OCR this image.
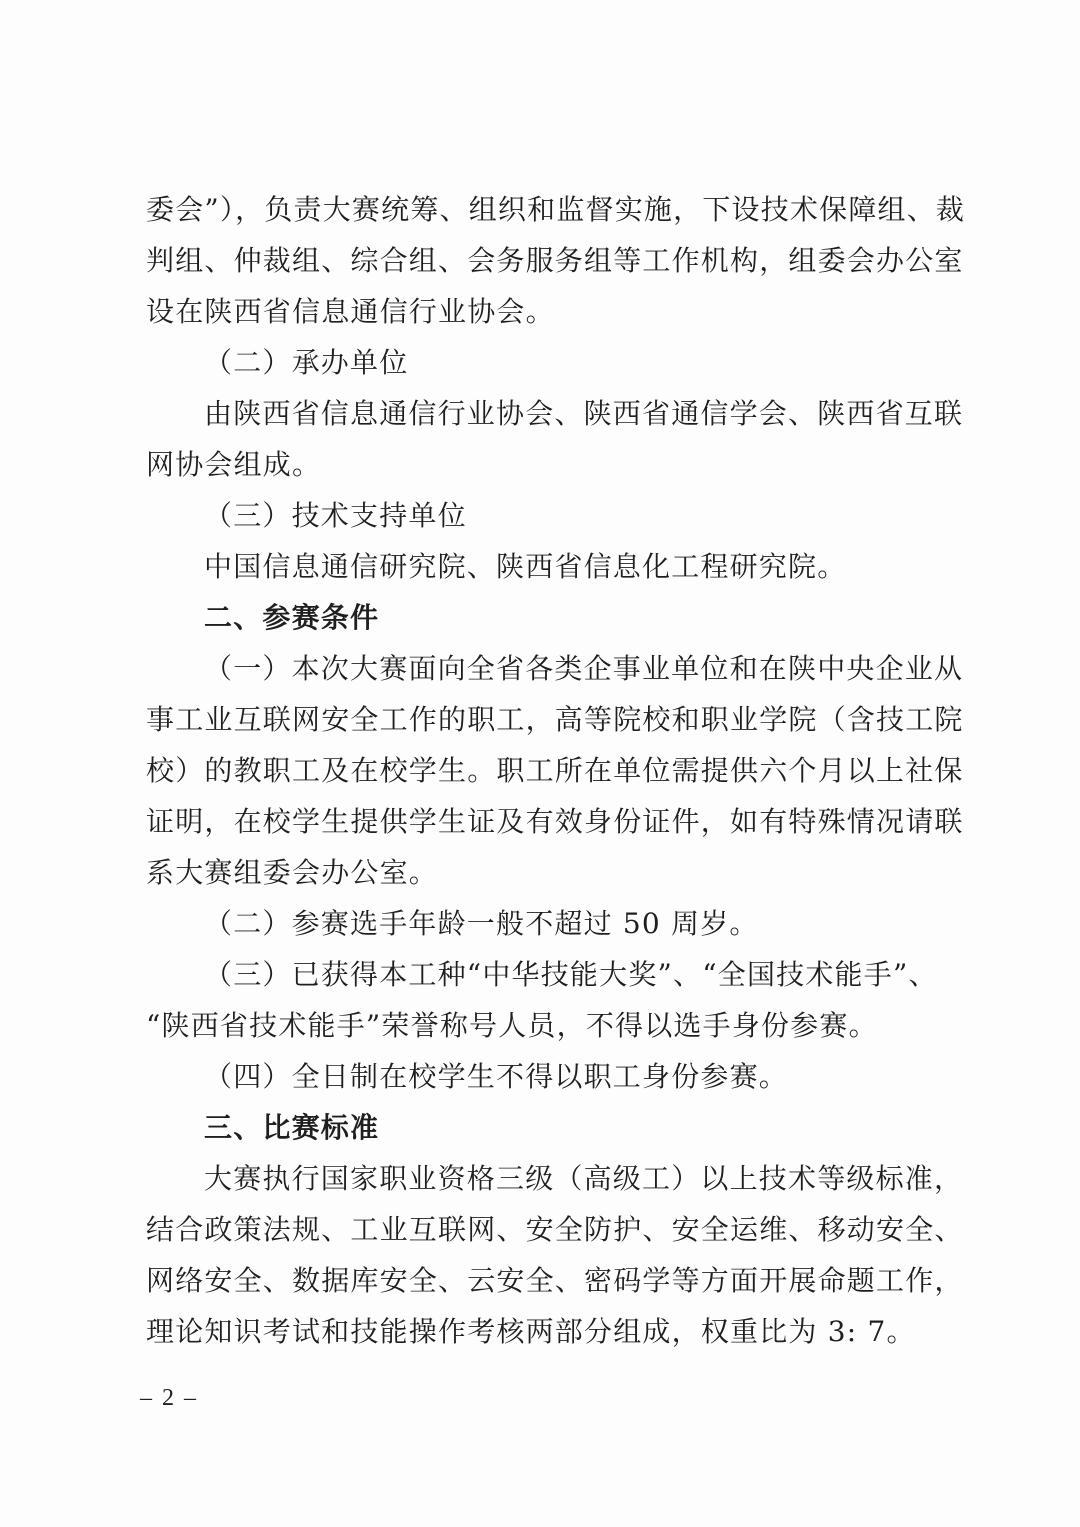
委会”），负责大赛统筹、组织和监督实施，下设技术保障组、裁
判组、仲裁组、综合组、会务服务组等工作机构，组委会办公室
设在陕西省信息通信行业协会。
（二）承办单位
由陕西省信息通信行业协会、陕西省通信学会、陕西省互联
网协会组成。
（三）技术支持单位
中国信息通信研究院、陕西省信息化工程研究院。
二、参赛条件
（一）本次大赛面向全省各类企事业单位和在陕中央企业从
事工业互联网安全工作的职工，高等院校和职业学院（含技工院
校）的教职工及在校学生。职工所在单位需提供六个月以上社保
证明，在校学生提供学生证及有效身份证件，如有特殊情况请联
系大赛组委会办公室。
（二）参赛选手年龄一般不超过 50 周岁。
（三）已获得本工种“中华技能大奖”、“全国技术能手”、
“陕西省技术能手”荣誉称号人员，不得以选手身份参赛。
（四）全日制在校学生不得以职工身份参赛。
三、比赛标准
大赛执行国家职业资格三级（高级工）以上技术等级标准，
结合政策法规、工业互联网、安全防护、安全运维、移动安全、
网络安全、数据库安全、云安全、密码学等方面开展命题工作，
理论知识考试和技能操作考核两部分组成，权重比为 3: 7。
– 2 –
